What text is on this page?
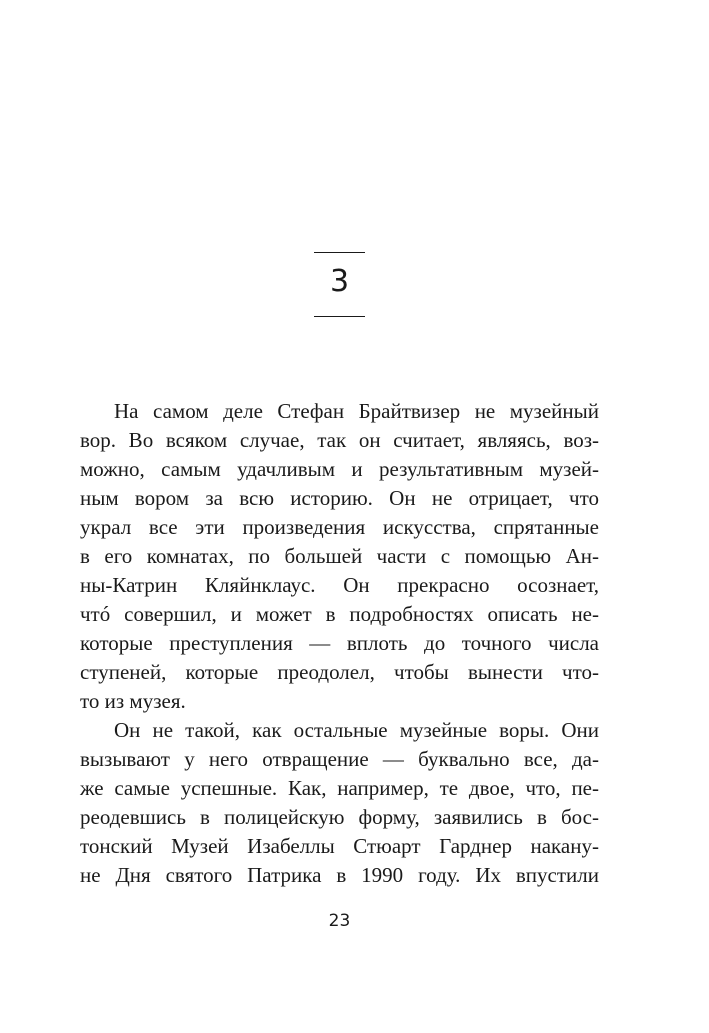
3
На самом деле Стефан Брайтвизер не музейный
вор. Во всяком случае, так он считает, являясь, воз-
можно, самым удачливым и результативным музей-
ным вором за всю историю. Он не отрицает, что
украл все эти произведения искусства, спрятанные
в его комнатах, по большей части с помощью Ан-
ны-Катрин Кляйнклаус. Он прекрасно осознает,
чтó совершил, и может в подробностях описать не-
которые преступления — вплоть до точного числа
ступеней, которые преодолел, чтобы вынести что-
то из музея.
Он не такой, как остальные музейные воры. Они
вызывают у него отвращение — буквально все, да-
же самые успешные. Как, например, те двое, что, пе-
реодевшись в полицейскую форму, заявились в бос-
тонский Музей Изабеллы Стюарт Гарднер накану-
не Дня святого Патрика в 1990 году. Их впустили
23
